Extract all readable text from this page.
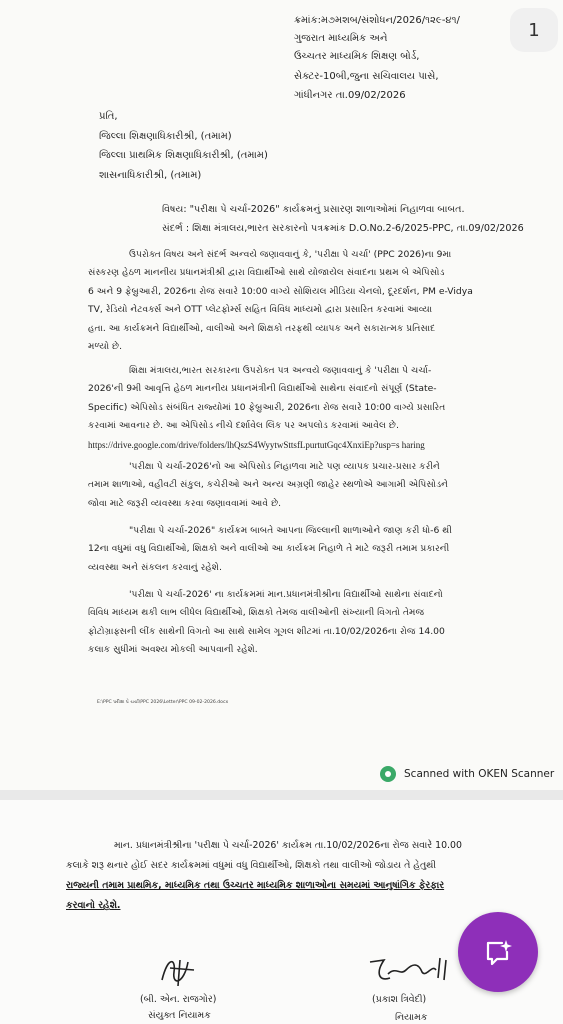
1
ક્રમાંક:મ૭મશબ/સંશોધન/2026/૧૨૯-૪૧/
ગુજરાત માધ્યમિક અને
ઉચ્ચતર માધ્યમિક શિક્ષણ બોર્ડ,
સેક્ટર-10બી,જુના સચિવાલય પાસે,
ગાંધીનગર તા.09/02/2026
પ્રતિ,
જિલ્લા શિક્ષણાધિકારીશ્રી, (તમામ)
જિલ્લા પ્રાથમિક શિક્ષણાધિકારીશ્રી, (તમામ)
શાસનાધિકારીશ્રી, (તમામ)
વિષય: "પરીક્ષા પે ચર્ચા-2026" કાર્યક્રમનું પ્રસારણ શાળાઓમાં નિહાળવા બાબત.
સંદર્ભ : શિક્ષા મંત્રાલય,ભારત સરકારનો પત્રક્રમાંક D.O.No.2-6/2025-PPC, તા.09/02/2026
ઉપરોક્ત વિષય અને સંદર્ભ અન્વયે જણાવવાનું કે, 'પરીક્ષા પે ચર્ચા' (PPC 2026)ના 9મા
સંસ્કરણ હેઠળ માનનીય પ્રધાનમંત્રીશ્રી દ્વારા વિદ્યાર્થીઓ સાથે યોજાયેલ સંવાદના પ્રથમ બે એપિસોડ
6 અને 9 ફેબ્રુઆરી, 2026ના રોજ સવારે 10:00 વાગ્યે સોશિયલ મીડિયા ચેનલો, દૂરદર્શન, PM e-Vidya
TV, રેડિયો નેટવર્ક્સ અને OTT પ્લેટફોર્મ્સ સહિત વિવિધ માધ્યમો દ્વારા પ્રસારિત કરવામાં આવ્યા
હતા. આ કાર્યક્રમને વિદ્યાર્થીઓ, વાલીઓ અને શિક્ષકો તરફથી વ્યાપક અને સકારાત્મક પ્રતિસાદ
મળ્યો છે.
શિક્ષા મંત્રાલય,ભારત સરકારના ઉપરોક્ત પત્ર અન્વયે જણાવવાનું કે 'પરીક્ષા પે ચર્ચા-
2026'ની 9મી આવૃત્તિ હેઠળ માનનીય પ્રધાનમંત્રીની વિદ્યાર્થીઓ સાથેના સંવાદનો સંપૂર્ણ (State-
Specific) એપિસોડ સંબંધિત રાજ્યોમાં 10 ફેબ્રુઆરી, 2026ના રોજ સવારે 10:00 વાગ્યે પ્રસારિત
કરવામાં આવનાર છે. આ એપિસોડ નીચે દર્શાવેલ લિંક પર અપલોડ કરવામાં આવેલ છે.
https://drive.google.com/drive/folders/lhQszS4WyytwSttsfLpurtutGqc4XnxiEp?usp=s haring
'પરીક્ષા પે ચર્ચા-2026'નો આ એપિસોડ નિહાળવા માટે પણ વ્યાપક પ્રચાર-પ્રસાર કરીને
તમામ શાળાઓ, વહીવટી સંકુલ, કચેરીઓ અને અન્ય અગ્રણી જાહેર સ્થળોએ આગામી એપિસોડને
જોવા માટે જરૂરી વ્યવસ્થા કરવા જણાવવામાં આવે છે.
"પરીક્ષા પે ચર્ચા-2026" કાર્યક્રમ બાબતે આપના જિલ્લાની શાળાઓને જાણ કરી ધો-6 થી
12ના વધુમાં વધુ વિદ્યાર્થીઓ, શિક્ષકો અને વાલીઓ આ કાર્યક્રમ નિહાળે તે માટે જરૂરી તમામ પ્રકારની
વ્યવસ્થા અને સંકલન કરવાનું રહેશે.
'પરીક્ષા પે ચર્ચા-2026' ના કાર્યક્રમમાં માન.પ્રધાનમંત્રીશ્રીના વિદ્યાર્થીઓ સાથેના સંવાદનો
વિવિધ માધ્યમ થકી લાભ લીધેલ વિદ્યાર્થીઓ, શિક્ષકો તેમજ વાલીઓની સંખ્યાની વિગતો તેમજ
ફોટોગ્રાફ્સની લીંક સાથેની વિગતો આ સાથે સામેલ ગૂગલ શીટમાં તા.10/02/2026ના રોજ 14.00
કલાક સુધીમાં અવશ્ય મોકલી આપવાની રહેશે.
E:\PPC પરીક્ષા પે ચર્ચા\PPC 2026\Letter\PPC 09-02-2026.docx
Scanned with OKEN Scanner
માન. પ્રધાનમંત્રીશ્રીના 'પરીક્ષા પે ચર્ચા-2026' કાર્યક્રમ તા.10/02/2026ના રોજ સવારે 10.00
કલાકે શરૂ થનાર હોઈ સદર કાર્યક્રમમાં વધુમાં વધુ વિદ્યાર્થીઓ, શિક્ષકો તથા વાલીઓ જોડાય તે હેતુથી
રાજ્યની તમામ પ્રાથમિક, માધ્યમિક તથા ઉચ્ચતર માધ્યમિક શાળાઓના સમયમાં આનુષાંગિક ફેરફાર
કરવાનો રહેશે.
(બી. એન. રાજગોર)
સંયુક્ત નિયામક
(પ્રકાશ ત્રિવેદી)
નિયામક
